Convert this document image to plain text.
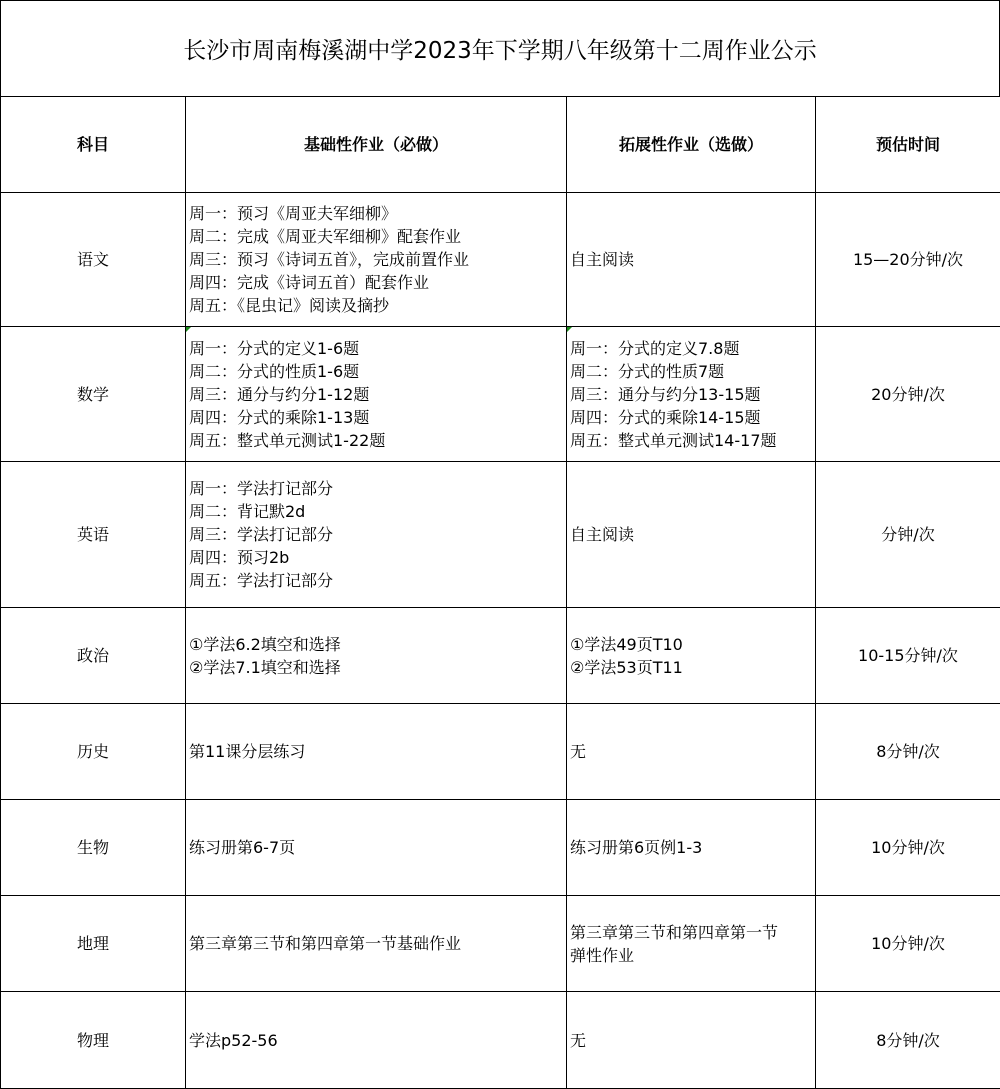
长沙市周南梅溪湖中学2023年下学期八年级第十二周作业公示
科目	基础性作业（必做）	拓展性作业（选做）	预估时间
语文	周一：预习《周亚夫军细柳》
周二：完成《周亚夫军细柳》配套作业
周三：预习《诗词五首》，完成前置作业
周四：完成《诗词五首）配套作业
周五：《昆虫记》阅读及摘抄	自主阅读	15—20分钟/次
数学	周一：分式的定义1-6题
周二：分式的性质1-6题
周三：通分与约分1-12题
周四：分式的乘除1-13题
周五：整式单元测试1-22题	周一：分式的定义7.8题
周二：分式的性质7题
周三：通分与约分13-15题
周四：分式的乘除14-15题
周五：整式单元测试14-17题	20分钟/次
英语	周一：学法打记部分
周二：背记默2d
周三：学法打记部分
周四：预习2b
周五：学法打记部分	自主阅读	分钟/次
政治	①学法6.2填空和选择
②学法7.1填空和选择	①学法49页T10
②学法53页T11	10-15分钟/次
历史	第11课分层练习	无	8分钟/次
生物	练习册第6-7页	练习册第6页例1-3	10分钟/次
地理	第三章第三节和第四章第一节基础作业	第三章第三节和第四章第一节
弹性作业	10分钟/次
物理	学法p52-56	无	8分钟/次
